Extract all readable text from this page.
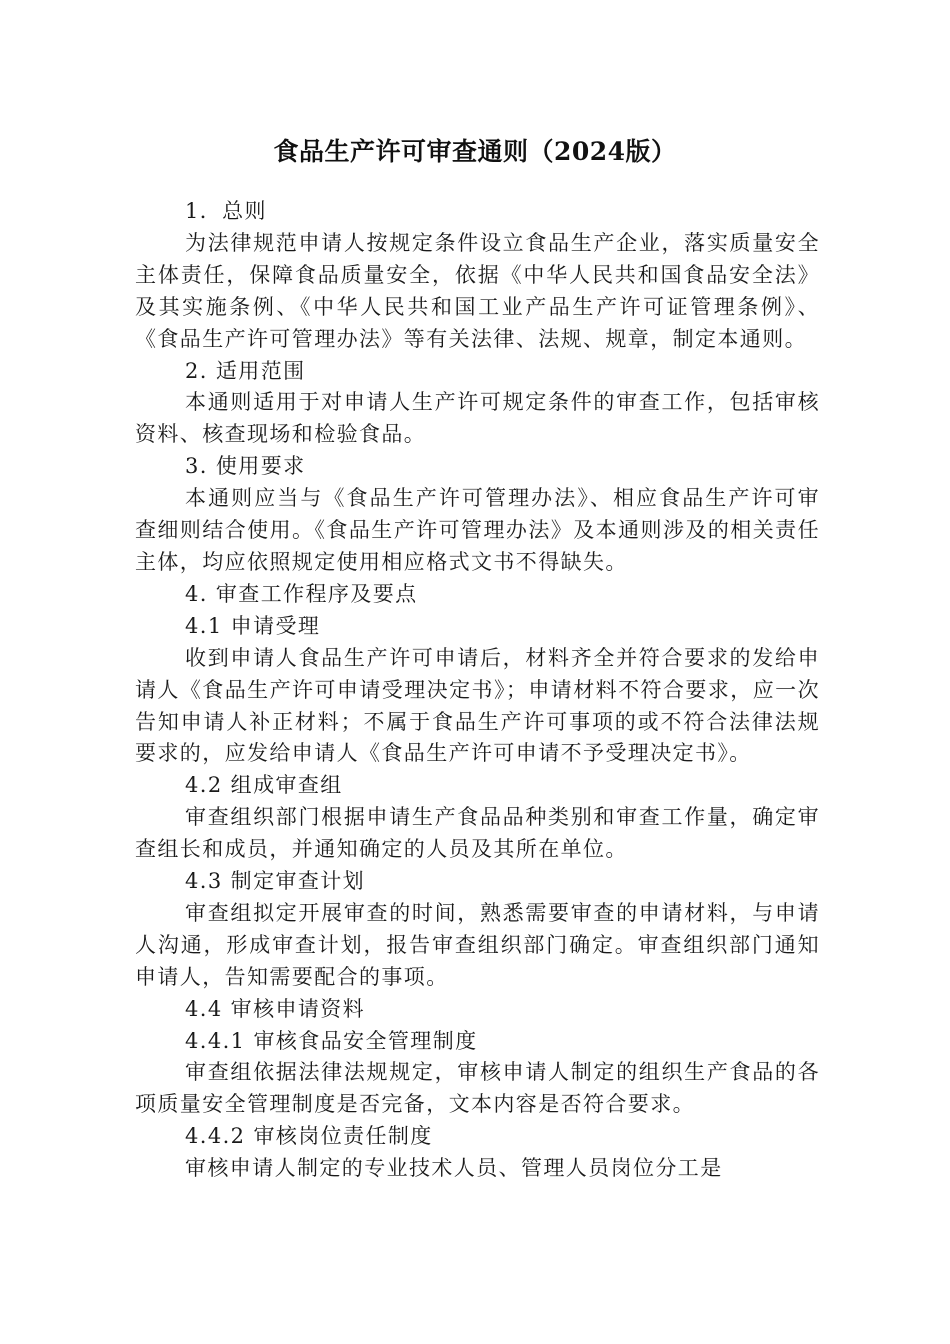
食品生产许可审查通则（2024版）
1．总则
为法律规范申请人按规定条件设立食品生产企业，落实质量安全主体责任，保障食品质量安全，依据《中华人民共和国食品安全法》及其实施条例、《中华人民共和国工业产品生产许可证管理条例》、《食品生产许可管理办法》等有关法律、法规、规章，制定本通则。
2. 适用范围
本通则适用于对申请人生产许可规定条件的审查工作，包括审核资料、核查现场和检验食品。
3. 使用要求
本通则应当与《食品生产许可管理办法》、相应食品生产许可审查细则结合使用。《食品生产许可管理办法》及本通则涉及的相关责任主体，均应依照规定使用相应格式文书不得缺失。
4. 审查工作程序及要点
4.1 申请受理
收到申请人食品生产许可申请后，材料齐全并符合要求的发给申请人《食品生产许可申请受理决定书》；申请材料不符合要求，应一次告知申请人补正材料；不属于食品生产许可事项的或不符合法律法规要求的，应发给申请人《食品生产许可申请不予受理决定书》。
4.2 组成审查组
审查组织部门根据申请生产食品品种类别和审查工作量，确定审查组长和成员，并通知确定的人员及其所在单位。
4.3 制定审查计划
审查组拟定开展审查的时间，熟悉需要审查的申请材料，与申请人沟通，形成审查计划，报告审查组织部门确定。审查组织部门通知申请人，告知需要配合的事项。
4.4 审核申请资料
4.4.1 审核食品安全管理制度
审查组依据法律法规规定，审核申请人制定的组织生产食品的各项质量安全管理制度是否完备，文本内容是否符合要求。
4.4.2 审核岗位责任制度
审核申请人制定的专业技术人员、管理人员岗位分工是
